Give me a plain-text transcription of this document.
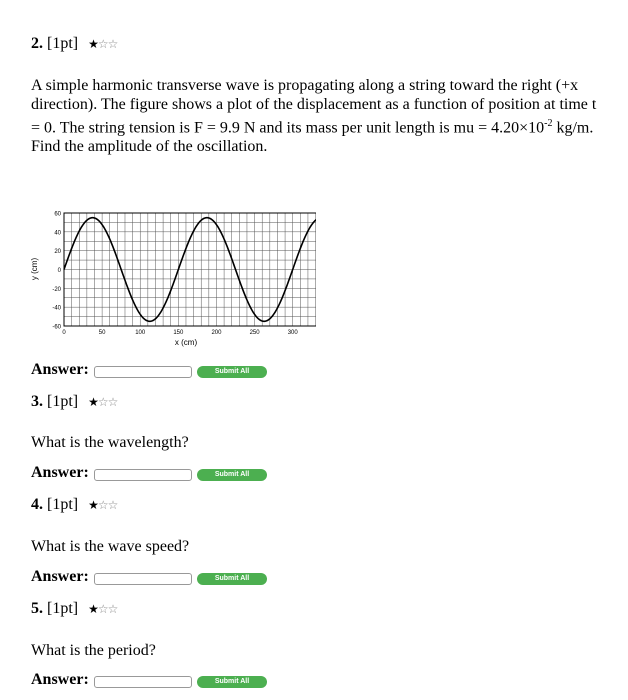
2. [1pt] ★☆☆
A simple harmonic transverse wave is propagating along a string toward the right (+x
direction). The figure shows a plot of the displacement as a function of position at time t
= 0. The string tension is F = 9.9 N and its mass per unit length is mu = $4.20\times 10^{-2}$ kg/m.
Find the amplitude of the oscillation.
60
40
20
0
-20
-40
-60
0	50	100	150	200	250	300
x (cm)
y (cm)
Answer:	Submit All Answers
3. [1pt] ★☆☆
What is the wavelength?
Answer:	Submit All Answers
4. [1pt] ★☆☆
What is the wave speed?
Answer:	Submit All Answers
5. [1pt] ★☆☆
What is the period?
Answer:	Submit All Answers
